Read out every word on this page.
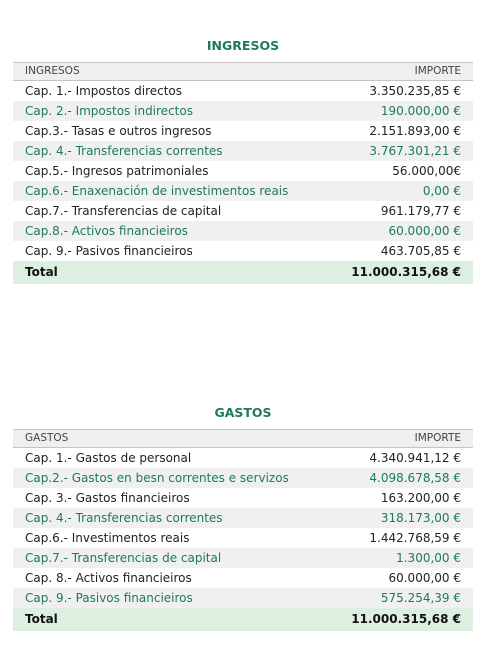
INGRESOS
INGRESOS	IMPORTE
Cap. 1.- Impostos directos	3.350.235,85 €
Cap. 2.- Impostos indirectos	190.000,00 €
Cap.3.- Tasas e outros ingresos	2.151.893,00 €
Cap. 4.- Transferencias correntes	3.767.301,21 €
Cap.5.- Ingresos patrimoniales	56.000,00€
Cap.6.- Enaxenación de investimentos reais	0,00 €
Cap.7.- Transferencias de capital	961.179,77 €
Cap.8.- Activos financieiros	60.000,00 €
Cap. 9.- Pasivos financieiros	463.705,85 €
Total	11.000.315,68 €
GASTOS
GASTOS	IMPORTE
Cap. 1.- Gastos de personal	4.340.941,12 €
Cap.2.- Gastos en besn correntes e servizos	4.098.678,58 €
Cap. 3.- Gastos financieiros	163.200,00 €
Cap. 4.- Transferencias correntes	318.173,00 €
Cap.6.- Investimentos reais	1.442.768,59 €
Cap.7.- Transferencias de capital	1.300,00 €
Cap. 8.- Activos financieiros	60.000,00 €
Cap. 9.- Pasivos financieiros	575.254,39 €
Total	11.000.315,68 €
